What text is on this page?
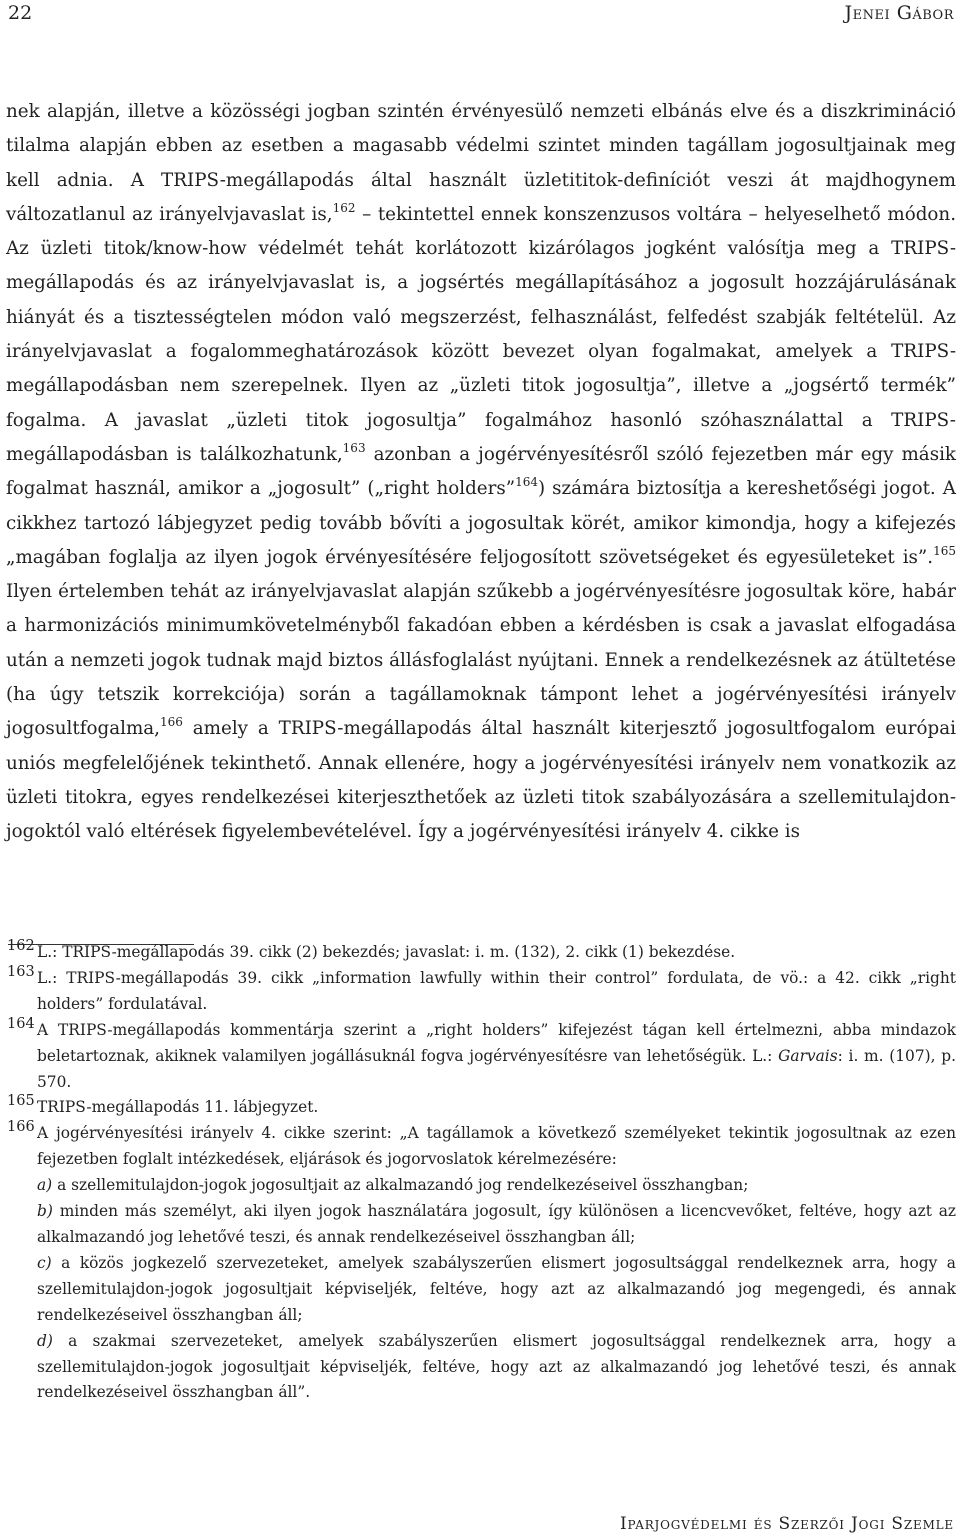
22	Jenei Gábor

nek alapján, illetve a közösségi jogban szintén érvényesülő nemzeti elbánás elve és a diszkrimináció tilalma alapján ebben az esetben a magasabb védelmi szintet minden tagállam jogosultjainak meg kell adnia. A TRIPS-megállapodás által használt üzletititok-definíciót veszi át majdhogynem változatlanul az irányelvjavaslat is,$^{162}$ – tekintettel ennek konszenzusos voltára – helyeselhető módon. Az üzleti titok/know-how védelmét tehát korlátozott kizárólagos jogként valósítja meg a TRIPS-megállapodás és az irányelvjavaslat is, a jogsértés megállapításához a jogosult hozzájárulásának hiányát és a tisztességtelen módon való megszerzést, felhasználást, felfedést szabják feltételül. Az irányelvjavaslat a fogalommeghatározások között bevezet olyan fogalmakat, amelyek a TRIPS-megállapodásban nem szerepelnek. Ilyen az „üzleti titok jogosultja”, illetve a „jogsértő termék” fogalma. A javaslat „üzleti titok jogosultja” fogalmához hasonló szóhasználattal a TRIPS-megállapodásban is találkozhatunk,$^{163}$ azonban a jogérvényesítésről szóló fejezetben már egy másik fogalmat használ, amikor a „jogosult” („right holders”$^{164}$) számára biztosítja a kereshetőségi jogot. A cikkhez tartozó lábjegyzet pedig tovább bővíti a jogosultak körét, amikor kimondja, hogy a kifejezés „magában foglalja az ilyen jogok érvényesítésére feljogosított szövetségeket és egyesületeket is”.$^{165}$ Ilyen értelemben tehát az irányelvjavaslat alapján szűkebb a jogérvényesítésre jogosultak köre, habár a harmonizációs minimumkövetelményből fakadóan ebben a kérdésben is csak a javaslat elfogadása után a nemzeti jogok tudnak majd biztos állásfoglalást nyújtani. Ennek a rendelkezésnek az átültetése (ha úgy tetszik korrekciója) során a tagállamoknak támpont lehet a jogérvényesítési irányelv jogosultfogalma,$^{166}$ amely a TRIPS-megállapodás által használt kiterjesztő jogosultfogalom európai uniós megfelelőjének tekinthető. Annak ellenére, hogy a jogérvényesítési irányelv nem vonatkozik az üzleti titokra, egyes rendelkezései kiterjeszthetőek az üzleti titok szabályozására a szellemitulajdon-jogoktól való eltérések figyelembevételével. Így a jogérvényesítési irányelv 4. cikke is

162 L.: TRIPS-megállapodás 39. cikk (2) bekezdés; javaslat: i. m. (132), 2. cikk (1) bekezdése.
163 L.: TRIPS-megállapodás 39. cikk „information lawfully within their control” fordulata, de vö.: a 42. cikk „right holders” fordulatával.
164 A TRIPS-megállapodás kommentárja szerint a „right holders” kifejezést tágan kell értelmezni, abba mindazok beletartoznak, akiknek valamilyen jogállásuknál fogva jogérvényesítésre van lehetőségük. L.: Garvais: i. m. (107), p. 570.
165 TRIPS-megállapodás 11. lábjegyzet.
166 A jogérvényesítési irányelv 4. cikke szerint: „A tagállamok a következő személyeket tekintik jogosultnak az ezen fejezetben foglalt intézkedések, eljárások és jogorvoslatok kérelmezésére:
a) a szellemitulajdon-jogok jogosultjait az alkalmazandó jog rendelkezéseivel összhangban;
b) minden más személyt, aki ilyen jogok használatára jogosult, így különösen a licencvevőket, feltéve, hogy azt az alkalmazandó jog lehetővé teszi, és annak rendelkezéseivel összhangban áll;
c) a közös jogkezelő szervezeteket, amelyek szabályszerűen elismert jogosultsággal rendelkeznek arra, hogy a szellemitulajdon-jogok jogosultjait képviseljék, feltéve, hogy azt az alkalmazandó jog megengedi, és annak rendelkezéseivel összhangban áll;
d) a szakmai szervezeteket, amelyek szabályszerűen elismert jogosultsággal rendelkeznek arra, hogy a szellemitulajdon-jogok jogosultjait képviseljék, feltéve, hogy azt az alkalmazandó jog lehetővé teszi, és annak rendelkezéseivel összhangban áll”.
Iparjogvédelmi és Szerzői Jogi Szemle
